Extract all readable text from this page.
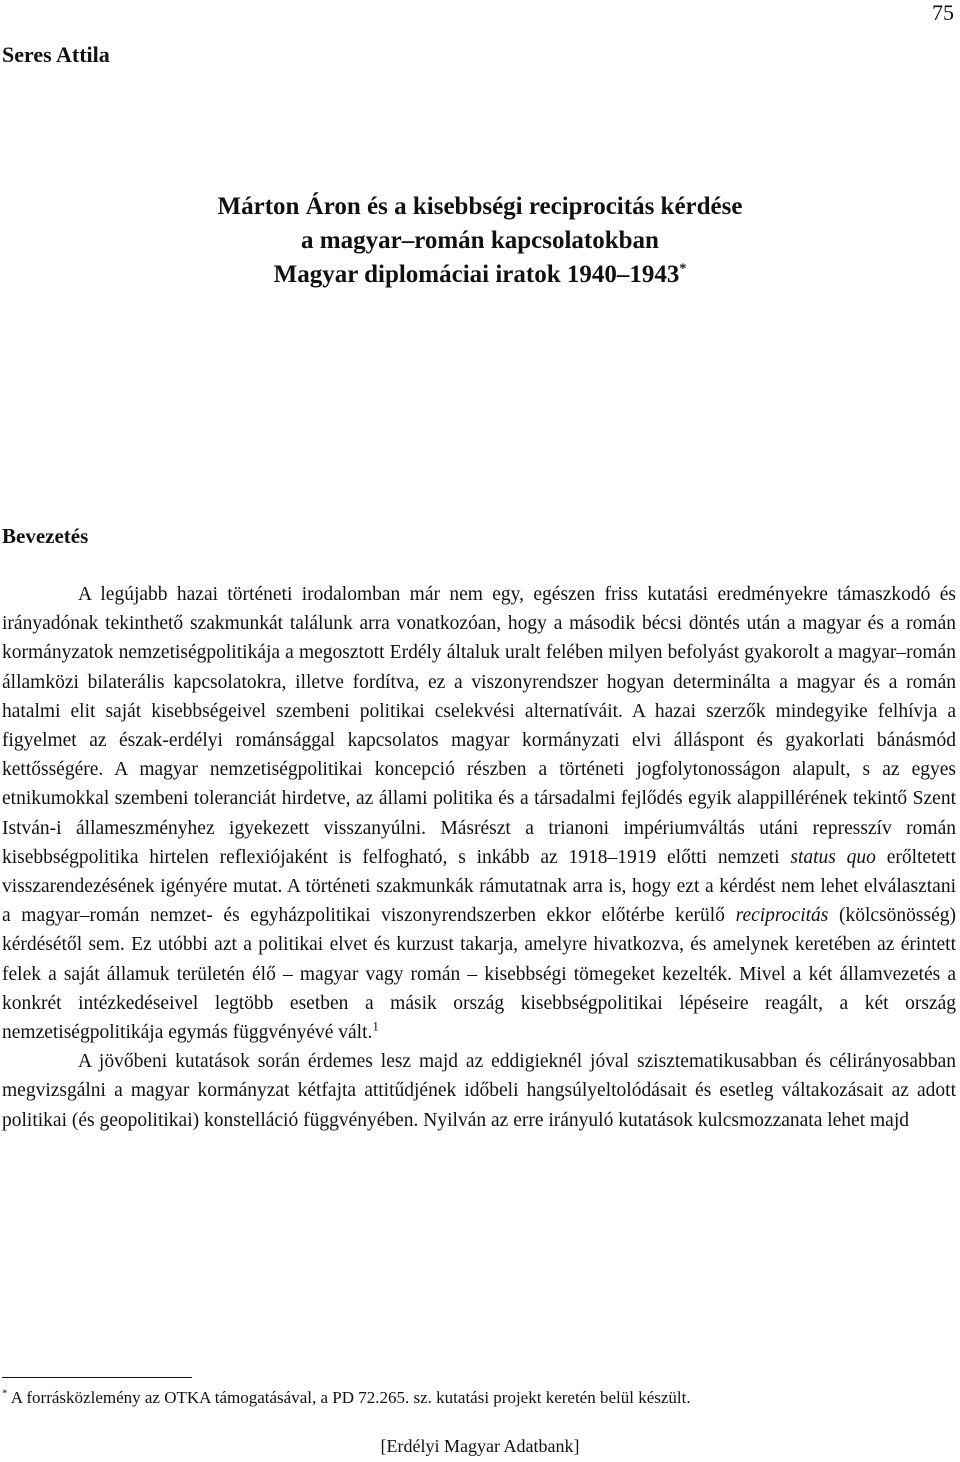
75
Seres Attila
Márton Áron és a kisebbségi reciprocitás kérdése
a magyar–román kapcsolatokban
Magyar diplomáciai iratok 1940–1943*
Bevezetés

A legújabb hazai történeti irodalomban már nem egy, egészen friss kutatási eredményekre támaszkodó és irányadónak tekinthető szakmunkát találunk arra vonatkozóan, hogy a második bécsi döntés után a magyar és a román kormányzatok nemzetiségpolitikája a megosztott Erdély általuk uralt felében milyen befolyást gyakorolt a magyar–román államközi bilaterális kapcsolatokra, illetve fordítva, ez a viszonyrendszer hogyan determinálta a magyar és a román hatalmi elit saját kisebbségeivel szembeni politikai cselekvési alternatíváit. A hazai szerzők mindegyike felhívja a figyelmet az észak-erdélyi románsággal kapcsolatos magyar kormányzati elvi álláspont és gyakorlati bánásmód kettősségére. A magyar nemzetiségpolitikai koncepció részben a történeti jogfolytonosságon alapult, s az egyes etnikumokkal szembeni toleranciát hirdetve, az állami politika és a társadalmi fejlődés egyik alappillérének tekintő Szent István-i állameszményhez igyekezett visszanyúlni. Másrészt a trianoni impériumváltás utáni represszív román kisebbségpolitika hirtelen reflexiójaként is felfogható, s inkább az 1918–1919 előtti nemzeti status quo erőltetett visszarendezésének igényére mutat. A történeti szakmunkák rámutatnak arra is, hogy ezt a kérdést nem lehet elválasztani a magyar–román nemzet- és egyházpolitikai viszonyrendszerben ekkor előtérbe kerülő reciprocitás (kölcsönösség) kérdésétől sem. Ez utóbbi azt a politikai elvet és kurzust takarja, amelyre hivatkozva, és amelynek keretében az érintett felek a saját államuk területén élő – magyar vagy román – kisebbségi tömegeket kezelték. Mivel a két államvezetés a konkrét intézkedéseivel legtöbb esetben a másik ország kisebbségpolitikai lépéseire reagált, a két ország nemzetiségpolitikája egymás függvényévé vált.$^1$

A jövőbeni kutatások során érdemes lesz majd az eddigieknél jóval szisztematikusabban és célirányosabban megvizsgálni a magyar kormányzat kétfajta attitűdjének időbeli hangsúlyeltolódásait és esetleg váltakozásait az adott politikai (és geopolitikai) konstelláció függvényében. Nyilván az erre irányuló kutatások kulcsmozzanata lehet majd

* A forrásközlemény az OTKA támogatásával, a PD 72.265. sz. kutatási projekt keretén belül készült.
[Erdélyi Magyar Adatbank]
